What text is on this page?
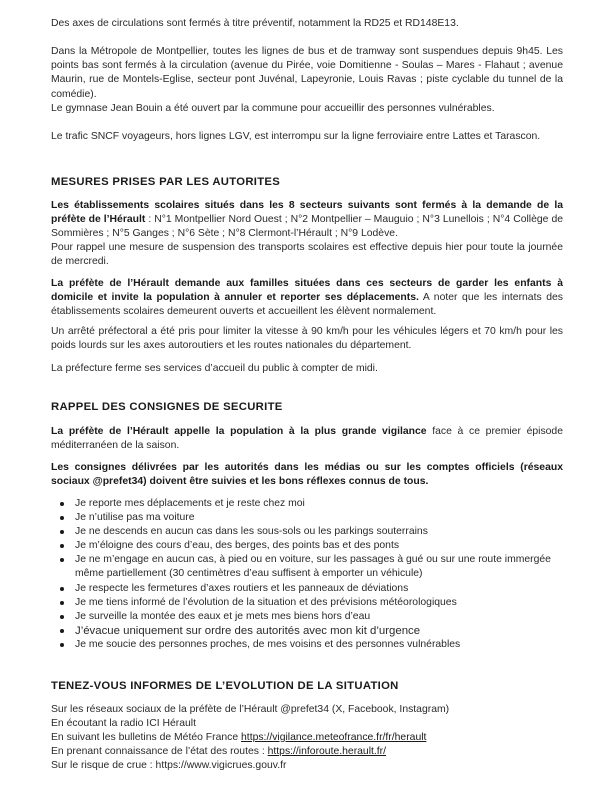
Des axes de circulations sont fermés à titre préventif, notamment la RD25 et RD148E13.

Dans la Métropole de Montpellier, toutes les lignes de bus et de tramway sont suspendues depuis 9h45. Les points bas sont fermés à la circulation (avenue du Pirée, voie Domitienne - Soulas – Mares - Flahaut ; avenue Maurin, rue de Montels-Eglise, secteur pont Juvénal, Lapeyronie, Louis Ravas ; piste cyclable du tunnel de la comédie).

Le gymnase Jean Bouin a été ouvert par la commune pour accueillir des personnes vulnérables.

Le trafic SNCF voyageurs, hors lignes LGV, est interrompu sur la ligne ferroviaire entre Lattes et Tarascon.

MESURES PRISES PAR LES AUTORITES

Les établissements scolaires situés dans les 8 secteurs suivants sont fermés à la demande de la préfète de l’Hérault : N°1 Montpellier Nord Ouest ; N°2 Montpellier – Mauguio ; N°3 Lunellois ; N°4 Collège de Sommières ; N°5 Ganges ; N°6 Sète ; N°8 Clermont-l’Hérault ; N°9 Lodève.

Pour rappel une mesure de suspension des transports scolaires est effective depuis hier pour toute la journée de mercredi.

La préfète de l’Hérault demande aux familles situées dans ces secteurs de garder les enfants à domicile et invite la population à annuler et reporter ses déplacements. A noter que les internats des établissements scolaires demeurent ouverts et accueillent les élèvent normalement.

Un arrêté préfectoral a été pris pour limiter la vitesse à 90 km/h pour les véhicules légers et 70 km/h pour les poids lourds sur les axes autoroutiers et les routes nationales du département.

La préfecture ferme ses services d’accueil du public à compter de midi.

RAPPEL DES CONSIGNES DE SECURITE

La préfète de l’Hérault appelle la population à la plus grande vigilance face à ce premier épisode méditerranéen de la saison.

Les consignes délivrées par les autorités dans les médias ou sur les comptes officiels (réseaux sociaux @prefet34) doivent être suivies et les bons réflexes connus de tous.

Je reporte mes déplacements et je reste chez moi
Je n’utilise pas ma voiture
Je ne descends en aucun cas dans les sous-sols ou les parkings souterrains
Je m’éloigne des cours d’eau, des berges, des points bas et des ponts
Je ne m’engage en aucun cas, à pied ou en voiture, sur les passages à gué ou sur une route immergée même partiellement (30 centimètres d’eau suffisent à emporter un véhicule)
Je respecte les fermetures d’axes routiers et les panneaux de déviations
Je me tiens informé de l’évolution de la situation et des prévisions météorologiques
Je surveille la montée des eaux et je mets mes biens hors d’eau
J’évacue uniquement sur ordre des autorités avec mon kit d’urgence
Je me soucie des personnes proches, de mes voisins et des personnes vulnérables
TENEZ-VOUS INFORMES DE L’EVOLUTION DE LA SITUATION

Sur les réseaux sociaux de la préfète de l’Hérault @prefet34 (X, Facebook, Instagram)

En écoutant la radio ICI Hérault

En suivant les bulletins de Météo France https://vigilance.meteofrance.fr/fr/herault

En prenant connaissance de l’état des routes : https://inforoute.herault.fr/

Sur le risque de crue : https://www.vigicrues.gouv.fr
